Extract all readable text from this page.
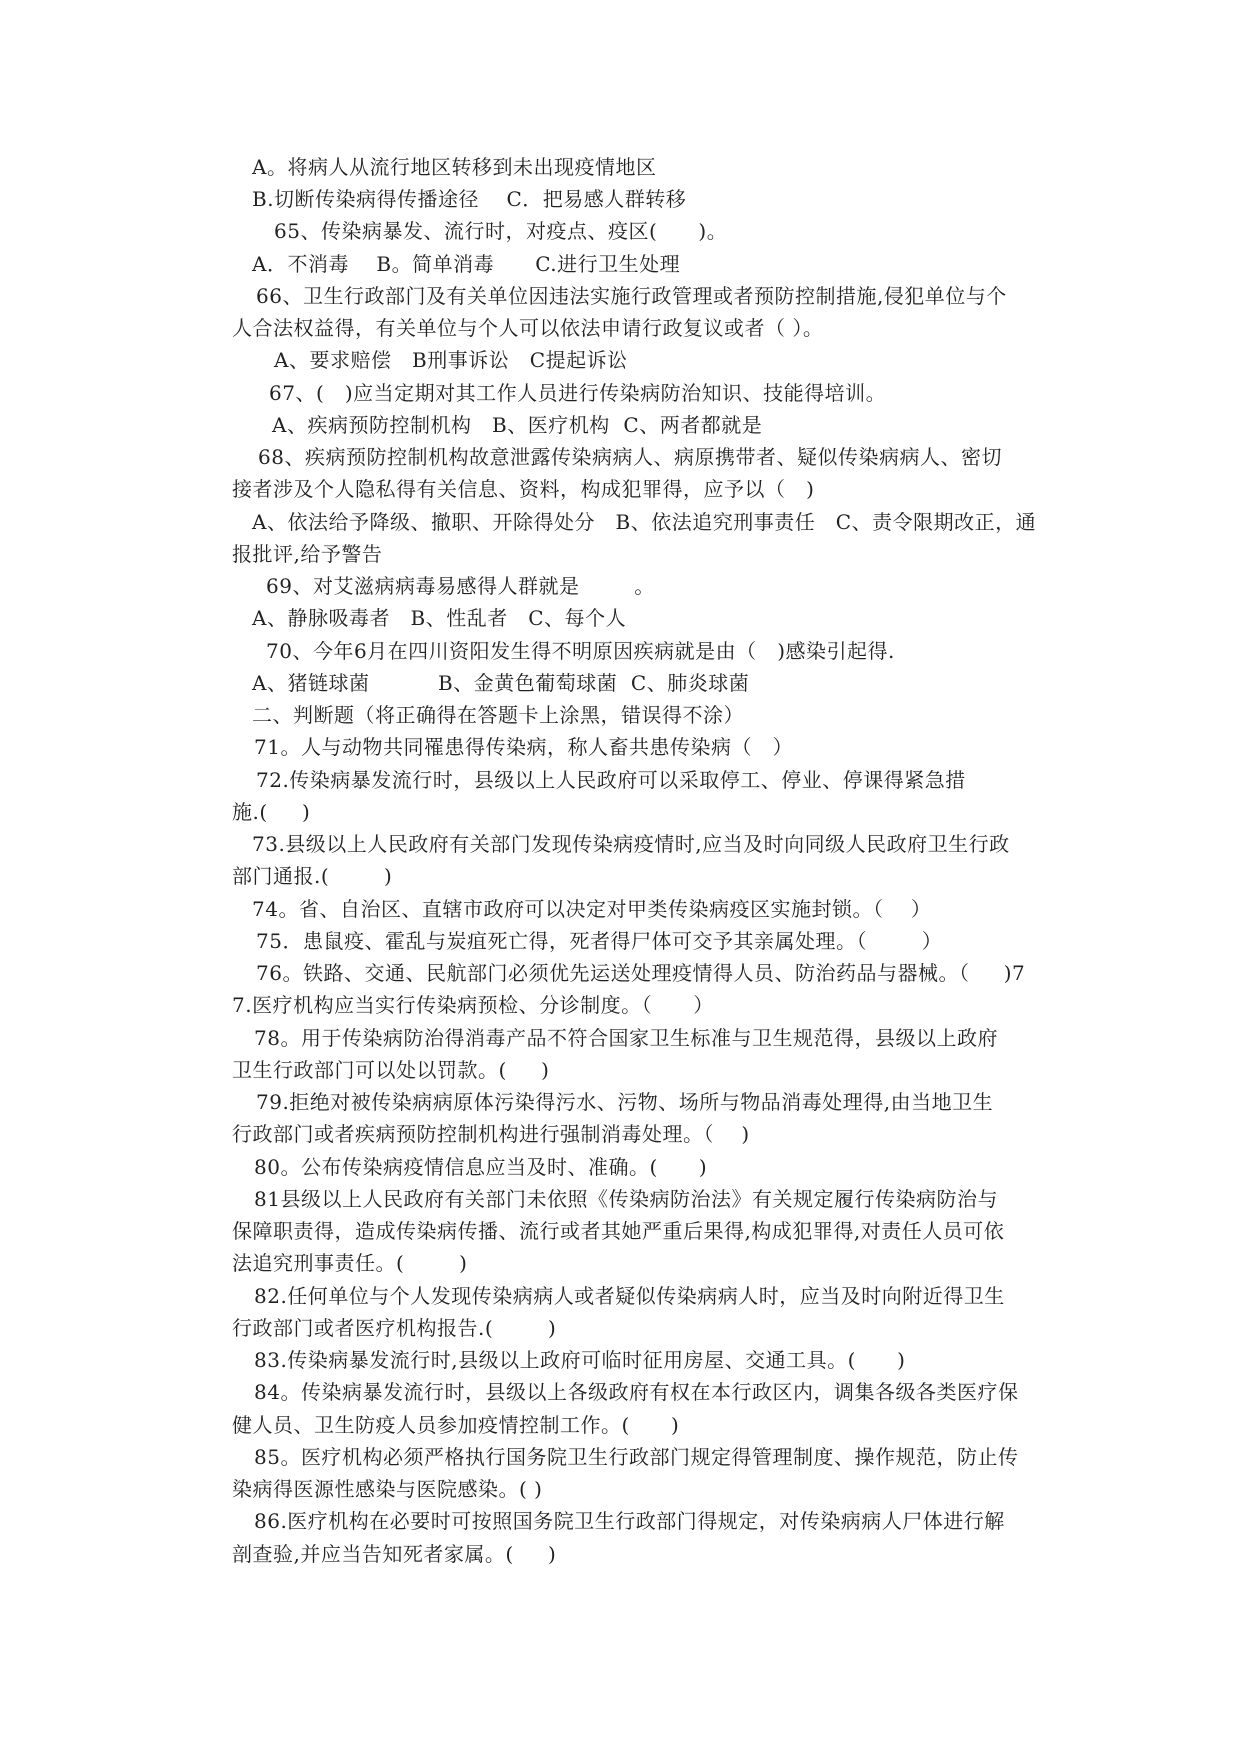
A。将病人从流行地区转移到未出现疫情地区
B.切断传染病得传播途径    C．把易感人群转移
65、传染病暴发、流行时，对疫点、疫区(      )。
A．不消毒    B。简单消毒      C.进行卫生处理
66、卫生行政部门及有关单位因违法实施行政管理或者预防控制措施,侵犯单位与个
人合法权益得，有关单位与个人可以依法申请行政复议或者（ ）。
A、要求赔偿   B刑事诉讼   C提起诉讼
67、(   )应当定期对其工作人员进行传染病防治知识、技能得培训。
A、疾病预防控制机构   B、医疗机构  C、两者都就是
68、疾病预防控制机构故意泄露传染病病人、病原携带者、疑似传染病病人、密切
接者涉及个人隐私得有关信息、资料，构成犯罪得，应予以（   )
A、依法给予降级、撤职、开除得处分   B、依法追究刑事责任   C、责令限期改正，通
报批评,给予警告
69、对艾滋病病毒易感得人群就是        。
A、静脉吸毒者   B、性乱者   C、每个人
70、今年6月在四川资阳发生得不明原因疾病就是由（   )感染引起得.
A、猪链球菌          B、金黄色葡萄球菌  C、肺炎球菌
二、判断题（将正确得在答题卡上涂黑，错误得不涂）
71。人与动物共同罹患得传染病，称人畜共患传染病（   ）
72.传染病暴发流行时，县级以上人民政府可以采取停工、停业、停课得紧急措
施.(     )
73.县级以上人民政府有关部门发现传染病疫情时,应当及时向同级人民政府卫生行政
部门通报.(        )
74。省、自治区、直辖市政府可以决定对甲类传染病疫区实施封锁。（    ）
75．患鼠疫、霍乱与炭疽死亡得，死者得尸体可交予其亲属处理。（        ）
76。铁路、交通、民航部门必须优先运送处理疫情得人员、防治药品与器械。（     )7
7.医疗机构应当实行传染病预检、分诊制度。（      ）
78。用于传染病防治得消毒产品不符合国家卫生标准与卫生规范得，县级以上政府
卫生行政部门可以处以罚款。(     )
79.拒绝对被传染病病原体污染得污水、污物、场所与物品消毒处理得,由当地卫生
行政部门或者疾病预防控制机构进行强制消毒处理。（    )
80。公布传染病疫情信息应当及时、准确。(      )
81县级以上人民政府有关部门未依照《传染病防治法》有关规定履行传染病防治与
保障职责得，造成传染病传播、流行或者其她严重后果得,构成犯罪得,对责任人员可依
法追究刑事责任。(        )
82.任何单位与个人发现传染病病人或者疑似传染病病人时，应当及时向附近得卫生
行政部门或者医疗机构报告.(        )
83.传染病暴发流行时,县级以上政府可临时征用房屋、交通工具。(      )
84。传染病暴发流行时，县级以上各级政府有权在本行政区内，调集各级各类医疗保
健人员、卫生防疫人员参加疫情控制工作。(      )
85。医疗机构必须严格执行国务院卫生行政部门规定得管理制度、操作规范，防止传
染病得医源性感染与医院感染。( )
86.医疗机构在必要时可按照国务院卫生行政部门得规定，对传染病病人尸体进行解
剖查验,并应当告知死者家属。(     )
